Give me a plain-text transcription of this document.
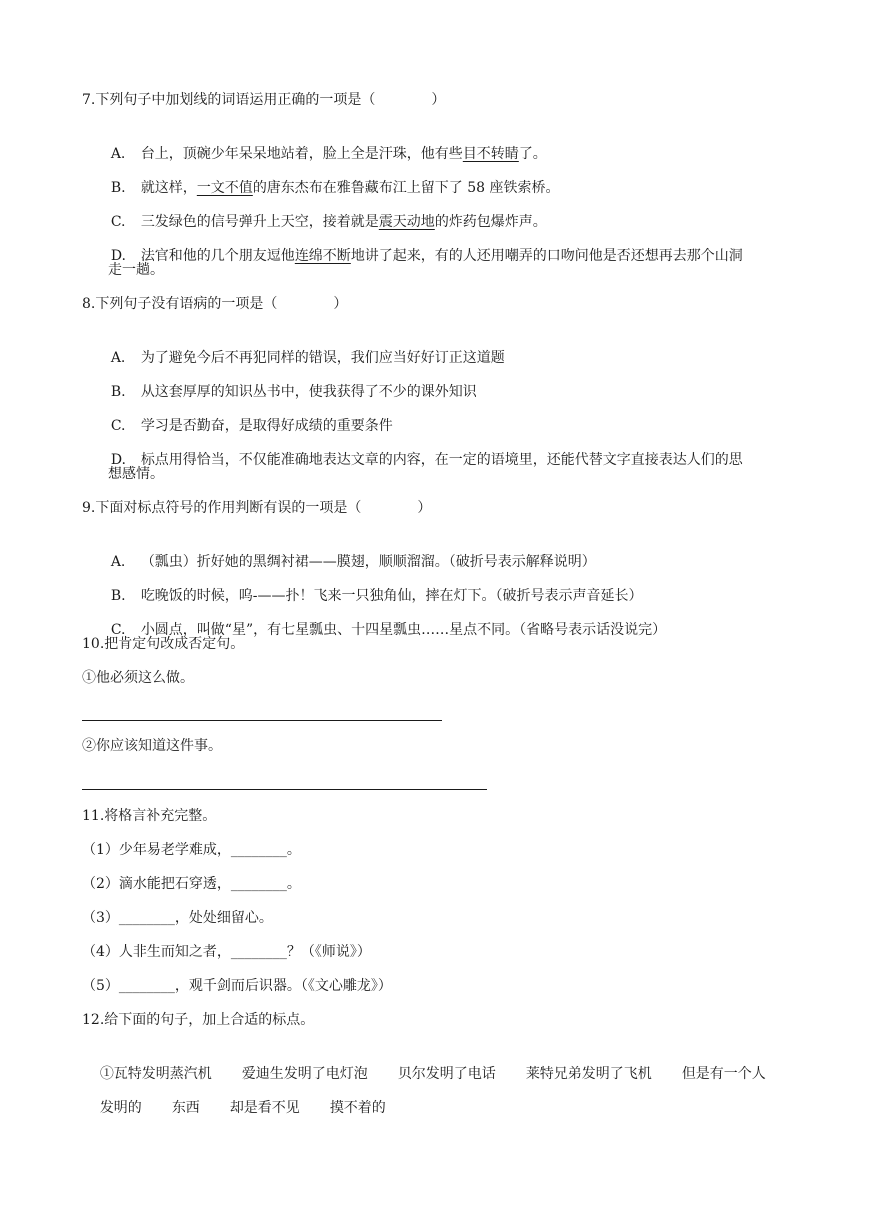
7.下列句子中加划线的词语运用正确的一项是（　　　　）

A. 台上，顶碗少年呆呆地站着，脸上全是汗珠，他有些目不转睛了。

B. 就这样，一文不值的唐东杰布在雅鲁藏布江上留下了 58 座铁索桥。

C. 三发绿色的信号弹升上天空，接着就是震天动地的炸药包爆炸声。

D. 法官和他的几个朋友逗他连绵不断地讲了起来，有的人还用嘲弄的口吻问他是否还想再去那个山洞

走一趟。
8.下列句子没有语病的一项是（　　　　）

A. 为了避免今后不再犯同样的错误，我们应当好好订正这道题

B. 从这套厚厚的知识丛书中，使我获得了不少的课外知识

C. 学习是否勤奋，是取得好成绩的重要条件

D. 标点用得恰当，不仅能准确地表达文章的内容，在一定的语境里，还能代替文字直接表达人们的思

想感情。
9.下面对标点符号的作用判断有误的一项是（　　　　）

A. （瓢虫）折好她的黑绸衬裙——膜翅，顺顺溜溜。（破折号表示解释说明）

B. 吃晚饭的时候，呜-——扑！飞来一只独角仙，摔在灯下。（破折号表示声音延长）

C. 小圆点，叫做“星”，有七星瓢虫、十四星瓢虫……星点不同。（省略号表示话没说完）

10.把肯定句改成否定句。
①他必须这么做。
②你应该知道这件事。
11.将格言补充完整。
（1）少年易老学难成，________。
（2）滴水能把石穿透，________。
（3）________，处处细留心。
（4）人非生而知之者，________？（《师说》）
（5）________，观千剑而后识器。（《文心雕龙》）
12.给下面的句子，加上合适的标点。

①瓦特发明蒸汽机 爱迪生发明了电灯泡 贝尔发明了电话 莱特兄弟发明了飞机 但是有一个人

发明的 东西 却是看不见 摸不着的
